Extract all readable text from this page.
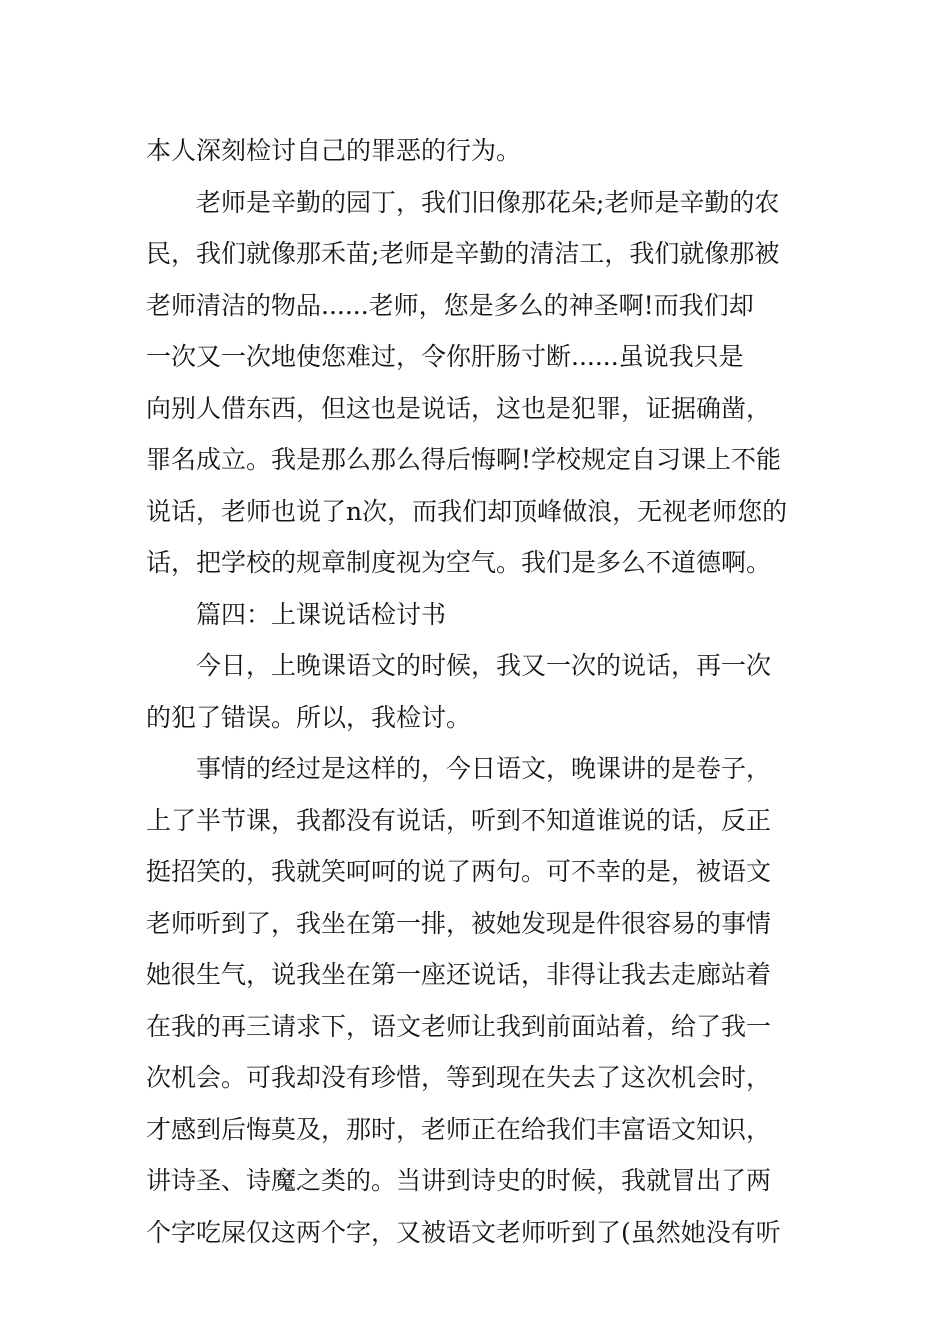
本人深刻检讨自己的罪恶的行为。

老师是辛勤的园丁，我们旧像那花朵;老师是辛勤的农
民，我们就像那禾苗;老师是辛勤的清洁工，我们就像那被
老师清洁的物品......老师，您是多么的神圣啊!而我们却
一次又一次地使您难过，令你肝肠寸断......虽说我只是
向别人借东西，但这也是说话，这也是犯罪，证据确凿，
罪名成立。我是那么那么得后悔啊!学校规定自习课上不能
说话，老师也说了n次，而我们却顶峰做浪，无视老师您的
话，把学校的规章制度视为空气。我们是多么不道德啊。

篇四：上课说话检讨书

今日，上晚课语文的时候，我又一次的说话，再一次
的犯了错误。所以，我检讨。

事情的经过是这样的，今日语文，晚课讲的是卷子，
上了半节课，我都没有说话，听到不知道谁说的话，反正
挺招笑的，我就笑呵呵的说了两句。可不幸的是，被语文
老师听到了，我坐在第一排，被她发现是件很容易的事情
她很生气，说我坐在第一座还说话，非得让我去走廊站着
在我的再三请求下，语文老师让我到前面站着，给了我一
次机会。可我却没有珍惜，等到现在失去了这次机会时，
才感到后悔莫及，那时，老师正在给我们丰富语文知识，
讲诗圣、诗魔之类的。当讲到诗史的时候，我就冒出了两
个字吃屎仅这两个字，又被语文老师听到了(虽然她没有听
